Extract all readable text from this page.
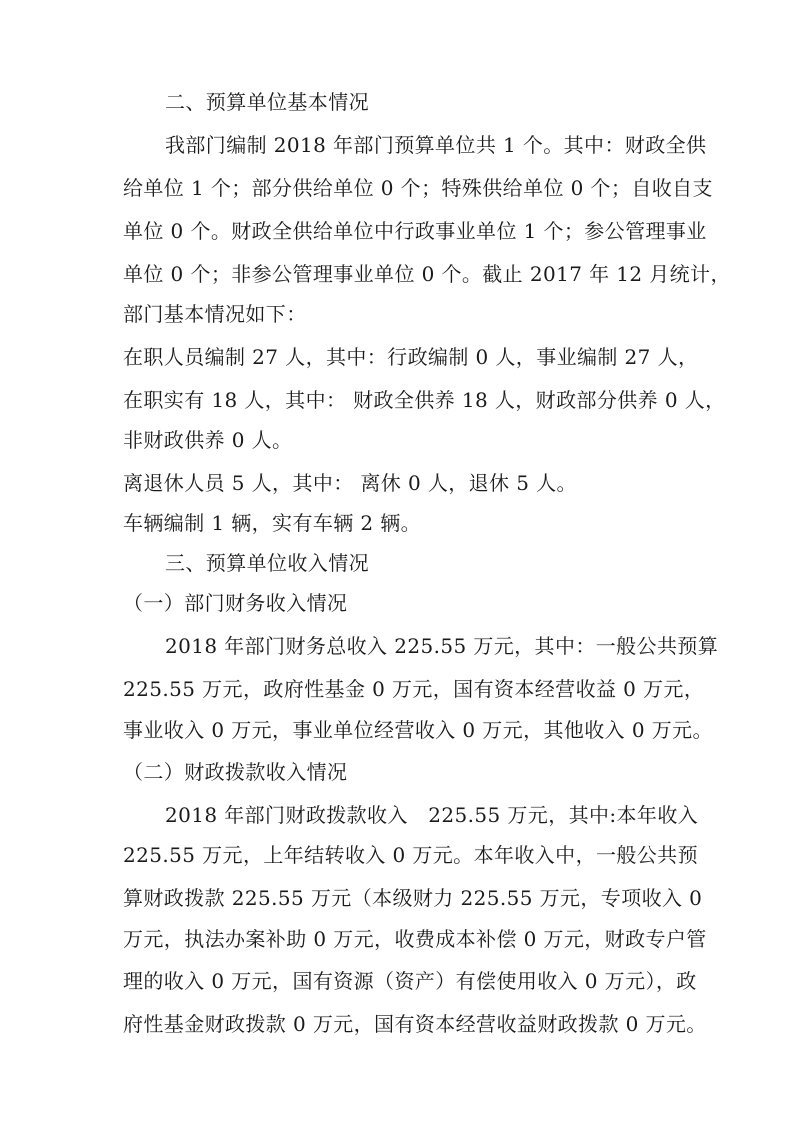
二、预算单位基本情况
我部门编制 2018 年部门预算单位共 1 个。其中：财政全供
给单位 1 个；部分供给单位 0 个；特殊供给单位 0 个；自收自支
单位 0 个。财政全供给单位中行政事业单位 1 个；参公管理事业
单位 0 个；非参公管理事业单位 0 个。截止 2017 年 12 月统计，
部门基本情况如下：
在职人员编制 27 人，其中：行政编制 0 人，事业编制 27 人，
在职实有 18 人，其中： 财政全供养 18 人，财政部分供养 0 人，
非财政供养 0 人。
离退休人员 5 人，其中： 离休 0 人，退休 5 人。
车辆编制 1 辆，实有车辆 2 辆。
三、预算单位收入情况
（一）部门财务收入情况
2018 年部门财务总收入 225.55 万元，其中：一般公共预算
225.55 万元，政府性基金 0 万元，国有资本经营收益 0 万元，
事业收入 0 万元，事业单位经营收入 0 万元，其他收入 0 万元。
（二）财政拨款收入情况
2018 年部门财政拨款收入　225.55 万元，其中:本年收入
225.55 万元，上年结转收入 0 万元。本年收入中，一般公共预
算财政拨款 225.55 万元（本级财力 225.55 万元，专项收入 0
万元，执法办案补助 0 万元，收费成本补偿 0 万元，财政专户管
理的收入 0 万元，国有资源（资产）有偿使用收入 0 万元），政
府性基金财政拨款 0 万元，国有资本经营收益财政拨款 0 万元。
